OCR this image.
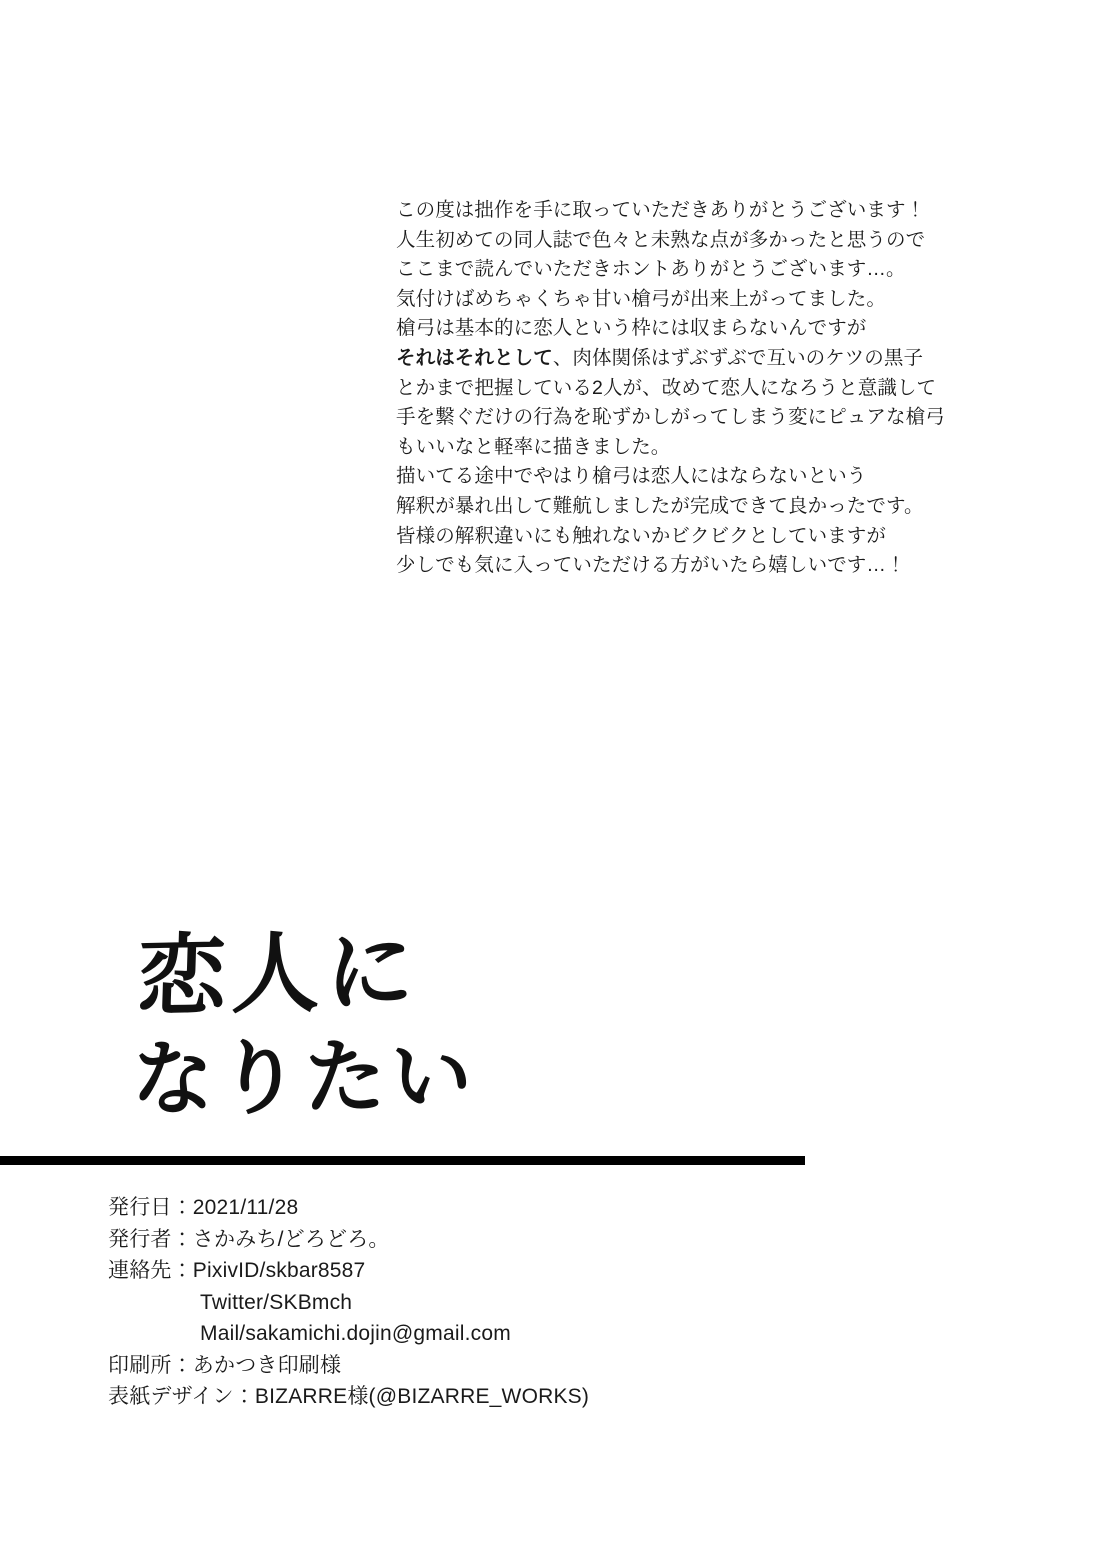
この度は拙作を手に取っていただきありがとうございます！

人生初めての同人誌で色々と未熟な点が多かったと思うので

ここまで読んでいただきホントありがとうございます…。

気付けばめちゃくちゃ甘い槍弓が出来上がってました。

槍弓は基本的に恋人という枠には収まらないんですが

それはそれとして、肉体関係はずぶずぶで互いのケツの黒子

とかまで把握している2人が、改めて恋人になろうと意識して

手を繋ぐだけの行為を恥ずかしがってしまう変にピュアな槍弓

もいいなと軽率に描きました。

描いてる途中でやはり槍弓は恋人にはならないという

解釈が暴れ出して難航しましたが完成できて良かったです。

皆様の解釈違いにも触れないかビクビクとしていますが

少しでも気に入っていただける方がいたら嬉しいです…！

恋人に
なりたい
発行日：2021/11/28
発行者：さかみち/どろどろ。
連絡先：PixivID/skbar8587
Twitter/SKBmch
Mail/sakamichi.dojin@gmail.com
印刷所：あかつき印刷様
表紙デザイン：BIZARRE様(@BIZARRE_WORKS)
